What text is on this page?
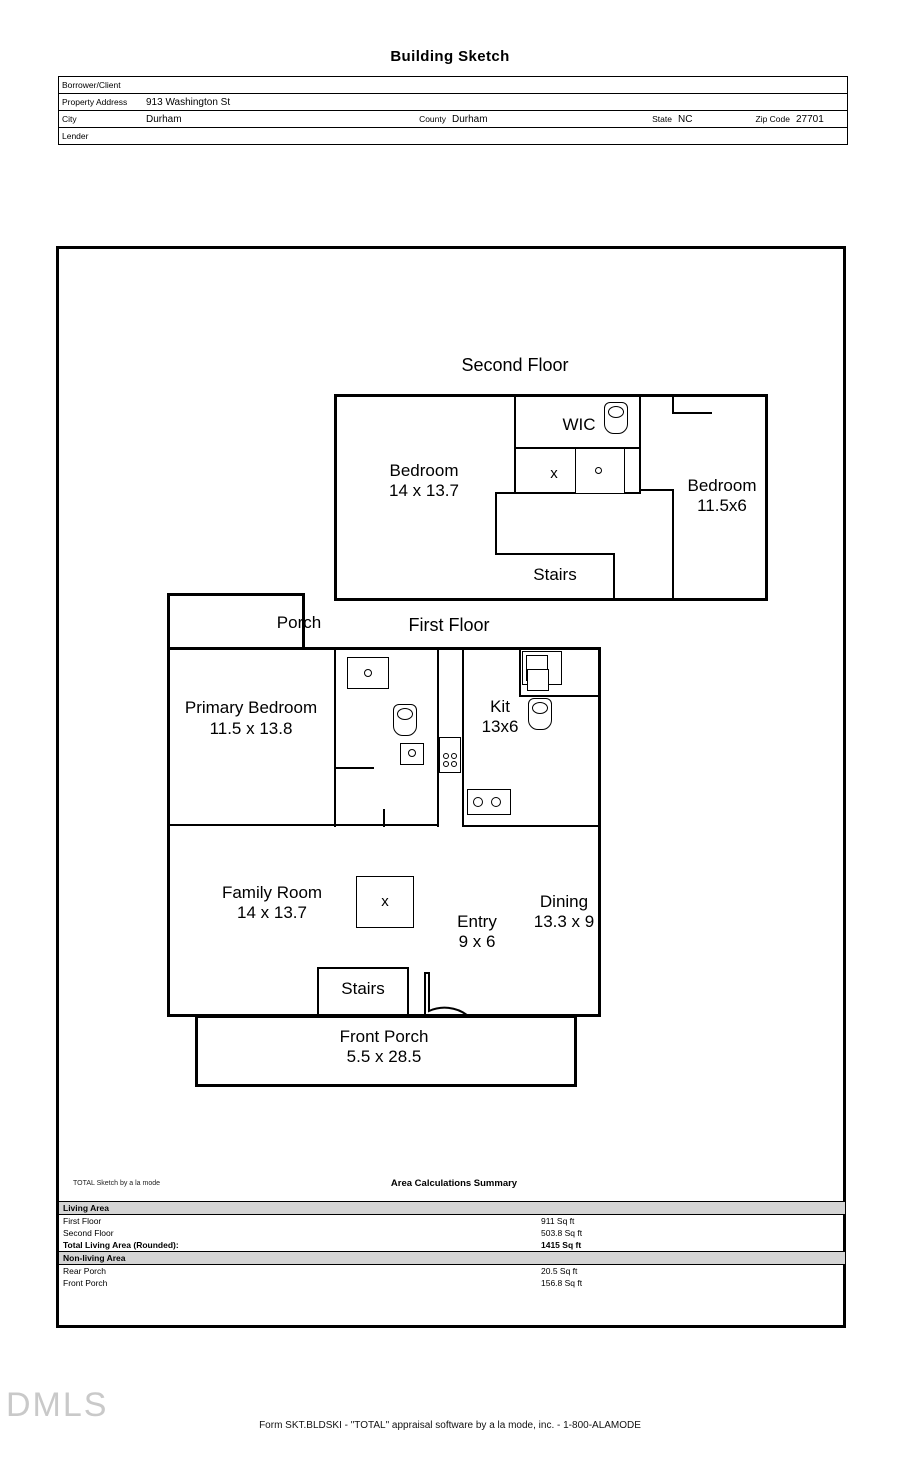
Building Sketch
Borrower/Client							
Property Address	913 Washington St						
City	Durham	County	Durham	State	NC	Zip Code	27701
Lender							
Second Floor
Bedroom
14 x 13.7
WIC
Bedroom
11.5x6
Stairs
x
First Floor
Porch
x
Stairs
Primary Bedroom
11.5 x 13.8
Kit
13x6
Family Room
14 x 13.7	Entry
9 x 6
Dining
13.3 x 9
Front Porch
5.5 x 28.5
TOTAL Sketch by a la mode	Area Calculations Summary
Living Area	
First Floor	911 Sq ft
Second Floor	503.8 Sq ft
Total Living Area (Rounded):	1415 Sq ft
Non-living Area	
Rear Porch	20.5 Sq ft
Front Porch	156.8 Sq ft
DMLS
Form SKT.BLDSKI - "TOTAL" appraisal software by a la mode, inc. - 1-800-ALAMODE
